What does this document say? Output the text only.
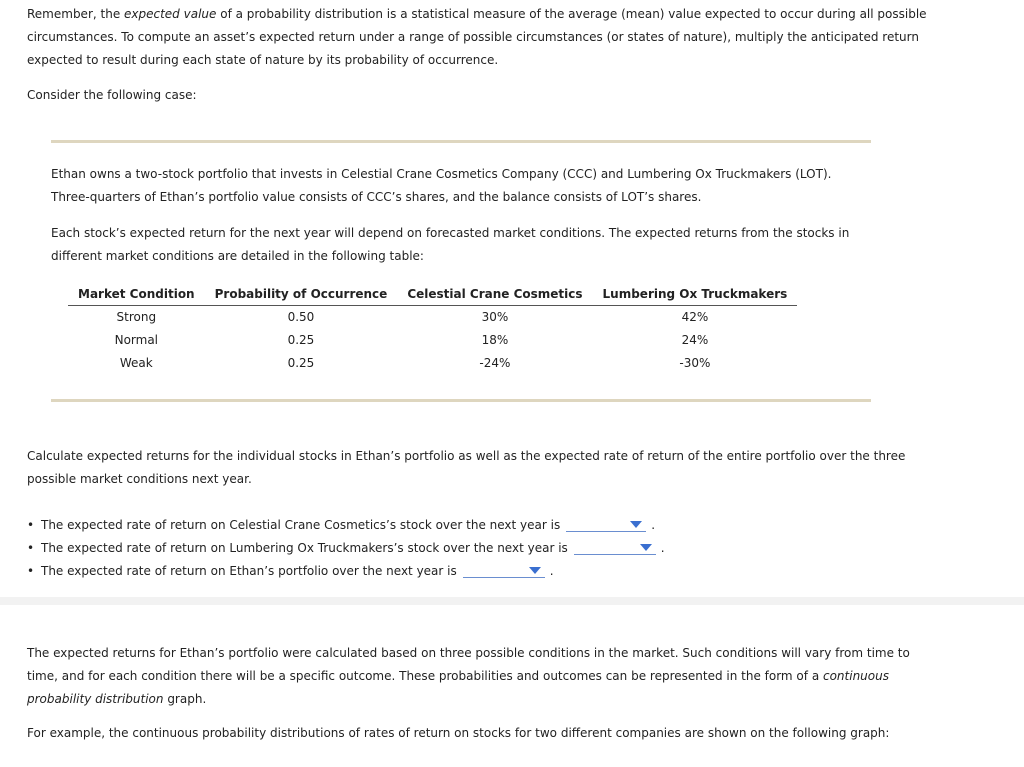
Remember, the expected value of a probability distribution is a statistical measure of the average (mean) value expected to occur during all possible circumstances. To compute an asset’s expected return under a range of possible circumstances (or states of nature), multiply the anticipated return expected to result during each state of nature by its probability of occurrence.

Consider the following case:

Ethan owns a two-stock portfolio that invests in Celestial Crane Cosmetics Company (CCC) and Lumbering Ox Truckmakers (LOT). Three-quarters of Ethan’s portfolio value consists of CCC’s shares, and the balance consists of LOT’s shares.

Each stock’s expected return for the next year will depend on forecasted market conditions. The expected returns from the stocks in different market conditions are detailed in the following table:

Market Condition	Probability of Occurrence	Celestial Crane Cosmetics	Lumbering Ox Truckmakers
Strong	0.50	30%	42%
Normal	0.25	18%	24%
Weak	0.25	-24%	-30%

Calculate expected returns for the individual stocks in Ethan’s portfolio as well as the expected rate of return of the entire portfolio over the three possible market conditions next year.

• The expected rate of return on Celestial Crane Cosmetics’s stock over the next year is	.
• The expected rate of return on Lumbering Ox Truckmakers’s stock over the next year is	.
• The expected rate of return on Ethan’s portfolio over the next year is	.

The expected returns for Ethan’s portfolio were calculated based on three possible conditions in the market. Such conditions will vary from time to time, and for each condition there will be a specific outcome. These probabilities and outcomes can be represented in the form of a continuous probability distribution graph.

For example, the continuous probability distributions of rates of return on stocks for two different companies are shown on the following graph:
